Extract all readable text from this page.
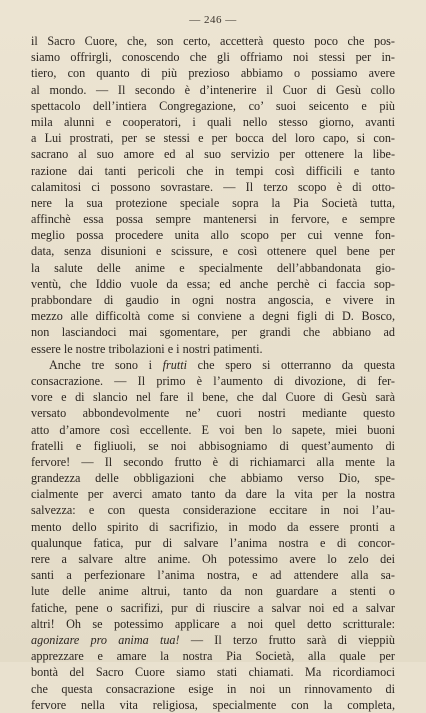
— 246 —
il Sacro Cuore, che, son certo, accetterà questo poco che pos-
siamo offrirgli, conoscendo che gli offriamo noi stessi per in-
tiero, con quanto di più prezioso abbiamo o possiamo avere
al mondo. — Il secondo è d’intenerire il Cuor di Gesù collo
spettacolo dell’intiera Congregazione, co’ suoi seicento e più
mila alunni e cooperatori, i quali nello stesso giorno, avanti
a Lui prostrati, per se stessi e per bocca del loro capo, si con-
sacrano al suo amore ed al suo servizio per ottenere la libe-
razione dai tanti pericoli che in tempi così difficili e tanto
calamitosi ci possono sovrastare. — Il terzo scopo è di otto-
nere la sua protezione speciale sopra la Pia Società tutta,
affinchè essa possa sempre mantenersi in fervore, e sempre
meglio possa procedere unita allo scopo per cui venne fon-
data, senza disunioni e scissure, e così ottenere quel bene per
la salute delle anime e specialmente dell’abbandonata gio-
ventù, che Iddio vuole da essa; ed anche perchè ci faccia sop-
prabbondare di gaudio in ogni nostra angoscia, e vivere in
mezzo alle difficoltà come si conviene a degni figli di D. Bosco,
non lasciandoci mai sgomentare, per grandi che abbiano ad
essere le nostre tribolazioni e i nostri patimenti.
Anche tre sono i frutti che spero si otterranno da questa
consacrazione. — Il primo è l’aumento di divozione, di fer-
vore e di slancio nel fare il bene, che dal Cuore di Gesù sarà
versato abbondevolmente ne’ cuori nostri mediante questo
atto d’amore così eccellente. E voi ben lo sapete, miei buoni
fratelli e figliuoli, se noi abbisogniamo di quest’aumento di
fervore! — Il secondo frutto è di richiamarci alla mente la
grandezza delle obbligazioni che abbiamo verso Dio, spe-
cialmente per averci amato tanto da dare la vita per la nostra
salvezza: e con questa considerazione eccitare in noi l’au-
mento dello spirito di sacrifizio, in modo da essere pronti a
qualunque fatica, pur di salvare l’anima nostra e di concor-
rere a salvare altre anime. Oh potessimo avere lo zelo dei
santi a perfezionare l’anima nostra, e ad attendere alla sa-
lute delle anime altrui, tanto da non guardare a stenti o
fatiche, pene o sacrifizi, pur di riuscire a salvar noi ed a salvar
altri! Oh se potessimo applicare a noi quel detto scritturale:
agonizare pro anima tua! — Il terzo frutto sarà di vieppiù
apprezzare e amare la nostra Pia Società, alla quale per
bontà del Sacro Cuore siamo stati chiamati. Ma ricordiamoci
che questa consacrazione esige in noi un rinnovamento di
fervore nella vita religiosa, specialmente con la completa,
